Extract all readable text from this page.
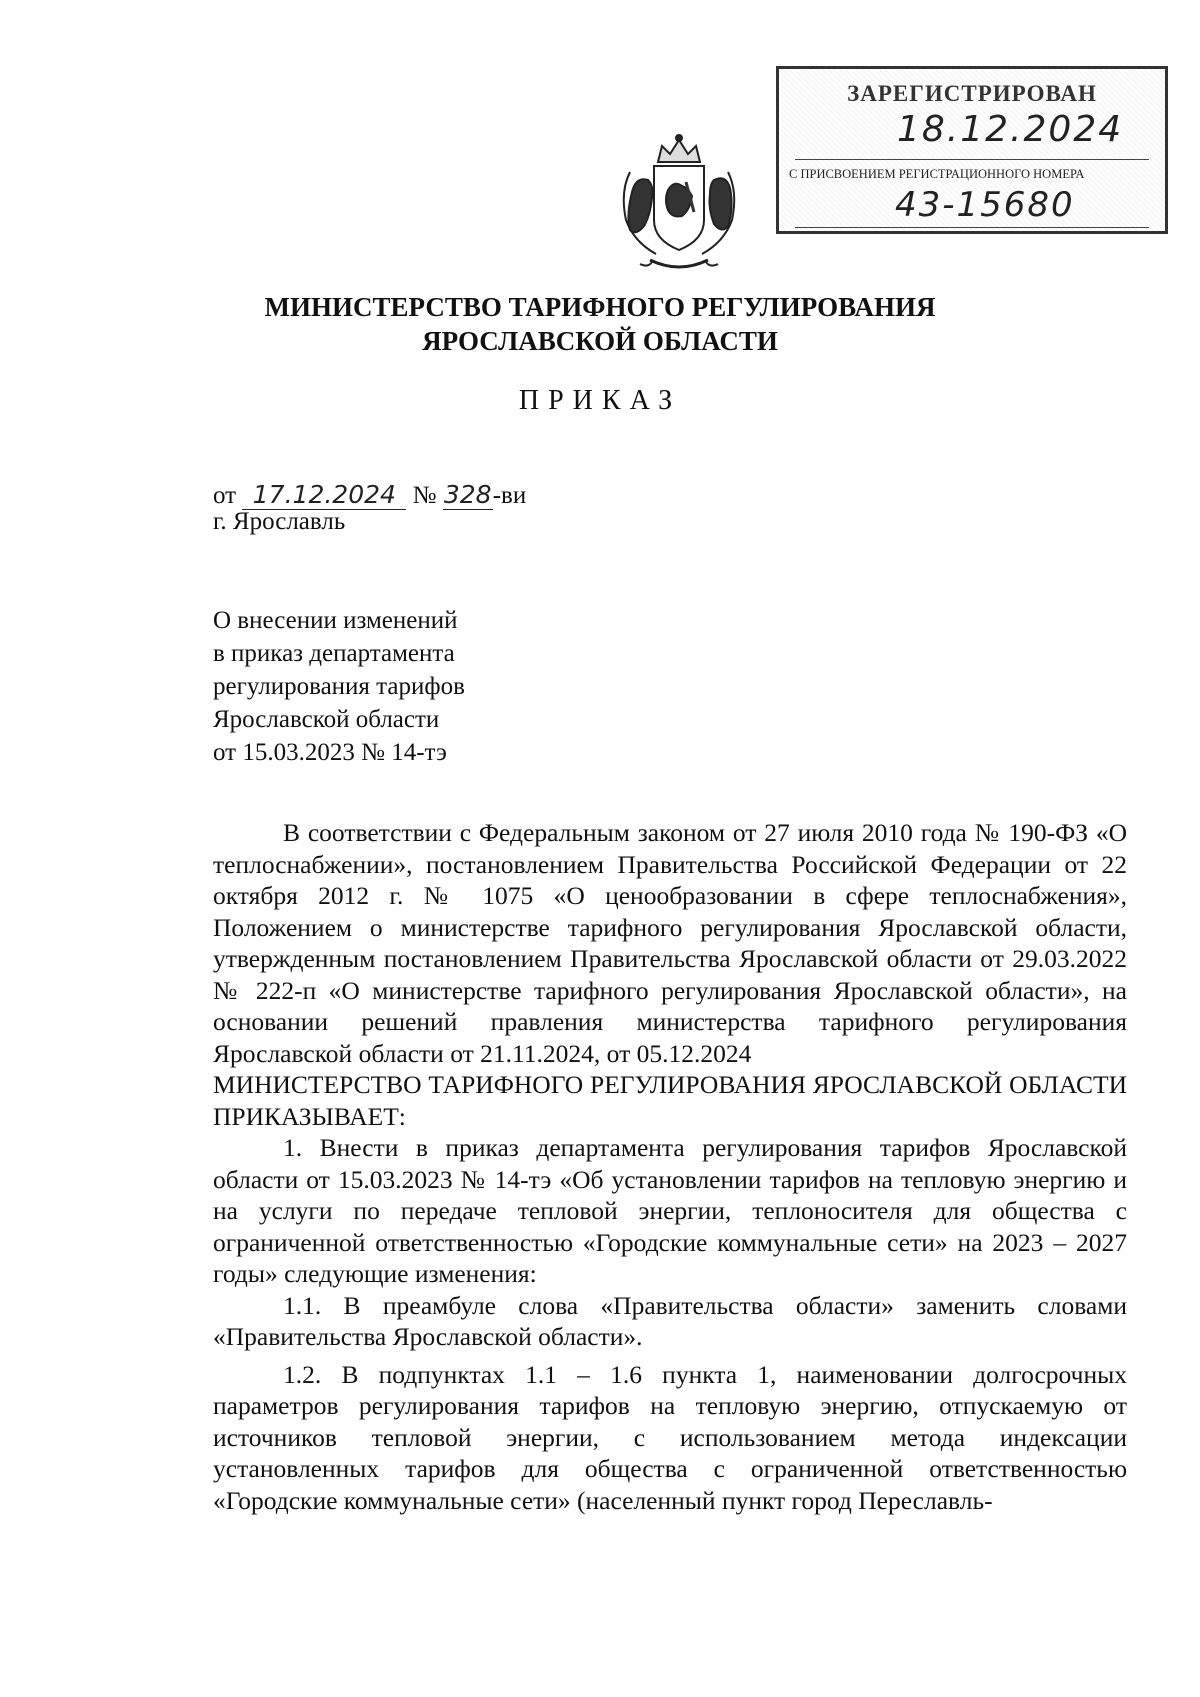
ЗАРЕГИСТРИРОВАН
18.12.2024
С ПРИСВОЕНИЕМ РЕГИСТРАЦИОННОГО НОМЕРА
43-15680
МИНИСТЕРСТВО ТАРИФНОГО РЕГУЛИРОВАНИЯ
ЯРОСЛАВСКОЙ ОБЛАСТИ
ПРИКАЗ
от 17.12.2024 № 328-ви
г. Ярославль
О внесении изменений
в приказ департамента
регулирования тарифов
Ярославской области
от 15.03.2023 № 14-тэ

В соответствии с Федеральным законом от 27 июля 2010 года № 190-ФЗ «О теплоснабжении», постановлением Правительства Российской Федерации от 22 октября 2012 г. № 1075 «О ценообразовании в сфере теплоснабжения», Положением о министерстве тарифного регулирования Ярославской области, утвержденным постановлением Правительства Ярославской области от 29.03.2022 № 222-п «О министерстве тарифного регулирования Ярославской области», на основании решений правления министерства тарифного регулирования Ярославской области от 21.11.2024, от 05.12.2024

МИНИСТЕРСТВО ТАРИФНОГО РЕГУЛИРОВАНИЯ ЯРОСЛАВСКОЙ ОБЛАСТИ ПРИКАЗЫВАЕТ:

1. Внести в приказ департамента регулирования тарифов Ярославской области от 15.03.2023 № 14-тэ «Об установлении тарифов на тепловую энергию и на услуги по передаче тепловой энергии, теплоносителя для общества с ограниченной ответственностью «Городские коммунальные сети» на 2023 – 2027 годы» следующие изменения:

1.1. В преамбуле слова «Правительства области» заменить словами «Правительства Ярославской области».

1.2. В подпунктах 1.1 – 1.6 пункта 1, наименовании долгосрочных параметров регулирования тарифов на тепловую энергию, отпускаемую от источников тепловой энергии, с использованием метода индексации установленных тарифов для общества с ограниченной ответственностью «Городские коммунальные сети» (населенный пункт город Переславль-
